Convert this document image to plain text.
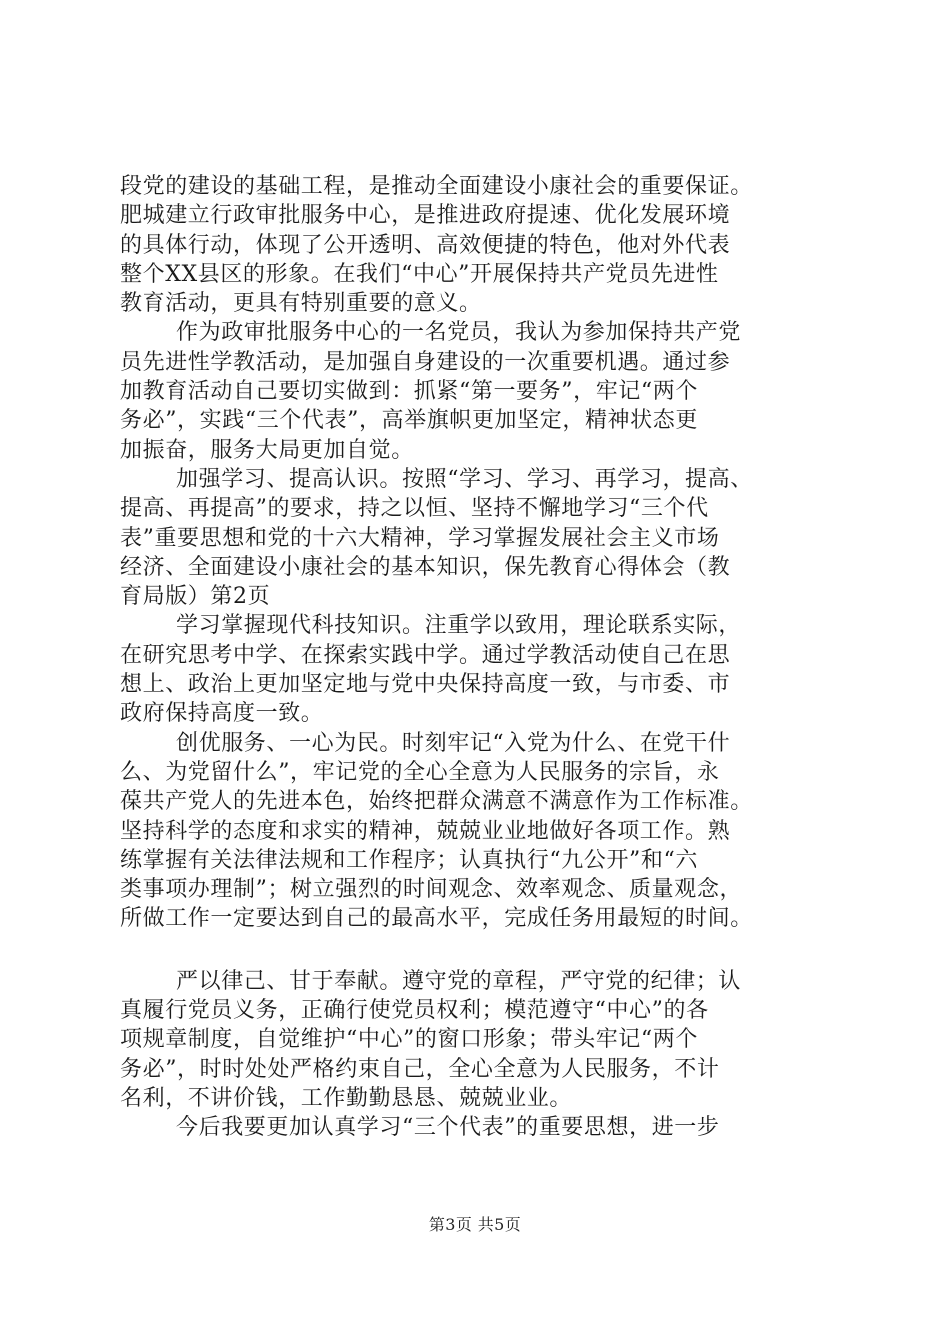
段党的建设的基础工程，是推动全面建设小康社会的重要保证。
肥城建立行政审批服务中心，是推进政府提速、优化发展环境
的具体行动，体现了公开透明、高效便捷的特色，他对外代表
整个XX县区的形象。在我们“中心”开展保持共产党员先进性
教育活动，更具有特别重要的意义。
作为政审批服务中心的一名党员，我认为参加保持共产党
员先进性学教活动，是加强自身建设的一次重要机遇。通过参
加教育活动自己要切实做到：抓紧“第一要务”，牢记“两个
务必”，实践“三个代表”，高举旗帜更加坚定，精神状态更
加振奋，服务大局更加自觉。
加强学习、提高认识。按照“学习、学习、再学习，提高、
提高、再提高”的要求，持之以恒、坚持不懈地学习“三个代
表”重要思想和党的十六大精神，学习掌握发展社会主义市场
经济、全面建设小康社会的基本知识，保先教育心得体会（教
育局版）第2页
学习掌握现代科技知识。注重学以致用，理论联系实际，
在研究思考中学、在探索实践中学。通过学教活动使自己在思
想上、政治上更加坚定地与党中央保持高度一致，与市委、市
政府保持高度一致。
创优服务、一心为民。时刻牢记“入党为什么、在党干什
么、为党留什么”，牢记党的全心全意为人民服务的宗旨，永
葆共产党人的先进本色，始终把群众满意不满意作为工作标准。
坚持科学的态度和求实的精神，兢兢业业地做好各项工作。熟
练掌握有关法律法规和工作程序；认真执行“九公开”和“六
类事项办理制”；树立强烈的时间观念、效率观念、质量观念，
所做工作一定要达到自己的最高水平，完成任务用最短的时间。
严以律己、甘于奉献。遵守党的章程，严守党的纪律；认
真履行党员义务，正确行使党员权利；模范遵守“中心”的各
项规章制度，自觉维护“中心”的窗口形象；带头牢记“两个
务必”，时时处处严格约束自己，全心全意为人民服务，不计
名利，不讲价钱，工作勤勤恳恳、兢兢业业。
今后我要更加认真学习“三个代表”的重要思想，进一步
第3页 共5页
